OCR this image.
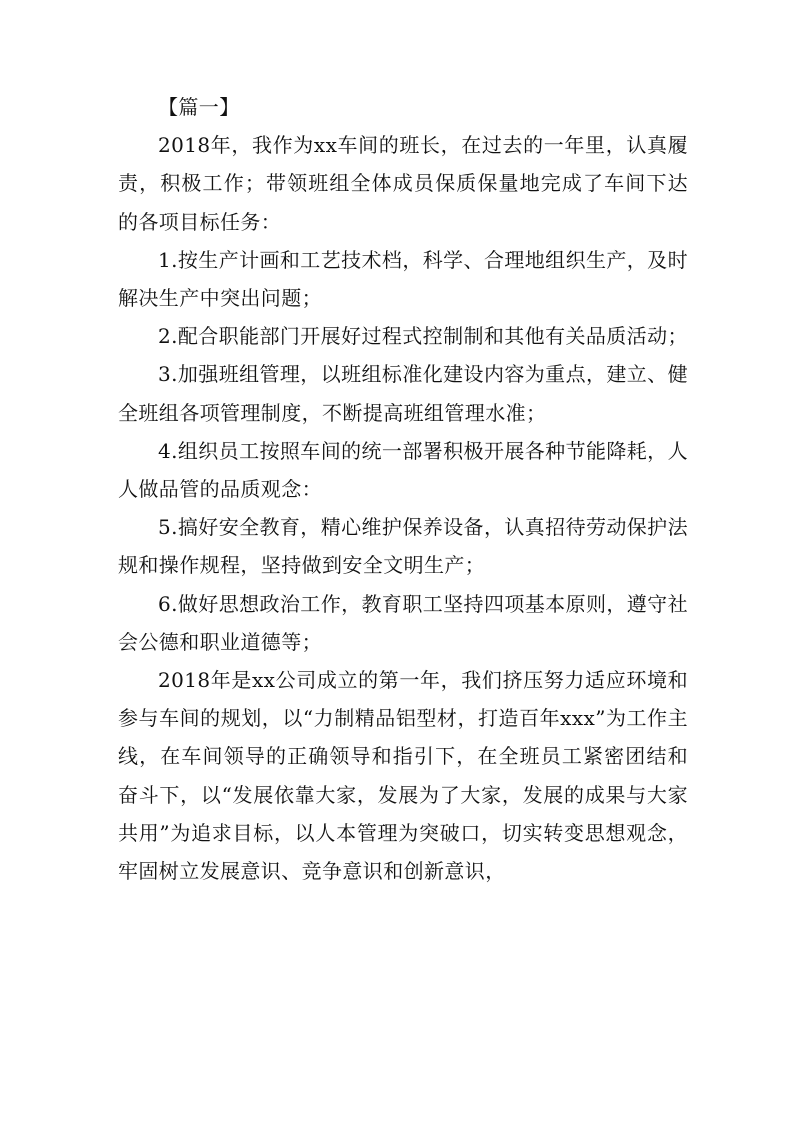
【篇一】

2018年，我作为xx车间的班长，在过去的一年里，认真履责，积极工作；带领班组全体成员保质保量地完成了车间下达的各项目标任务：

1.按生产计画和工艺技术档，科学、合理地组织生产，及时解决生产中突出问题；

2.配合职能部门开展好过程式控制制和其他有关品质活动；

3.加强班组管理，以班组标准化建设内容为重点，建立、健全班组各项管理制度，不断提高班组管理水准；

4.组织员工按照车间的统一部署积极开展各种节能降耗，人人做品管的品质观念：

5.搞好安全教育，精心维护保养设备，认真招待劳动保护法规和操作规程，坚持做到安全文明生产；

6.做好思想政治工作，教育职工坚持四项基本原则，遵守社会公德和职业道德等；

2018年是xx公司成立的第一年，我们挤压努力适应环境和参与车间的规划，以“力制精品铝型材，打造百年xxx”为工作主线，在车间领导的正确领导和指引下，在全班员工紧密团结和奋斗下，以“发展依靠大家，发展为了大家，发展的成果与大家共用”为追求目标，以人本管理为突破口，切实转变思想观念，牢固树立发展意识、竞争意识和创新意识，
